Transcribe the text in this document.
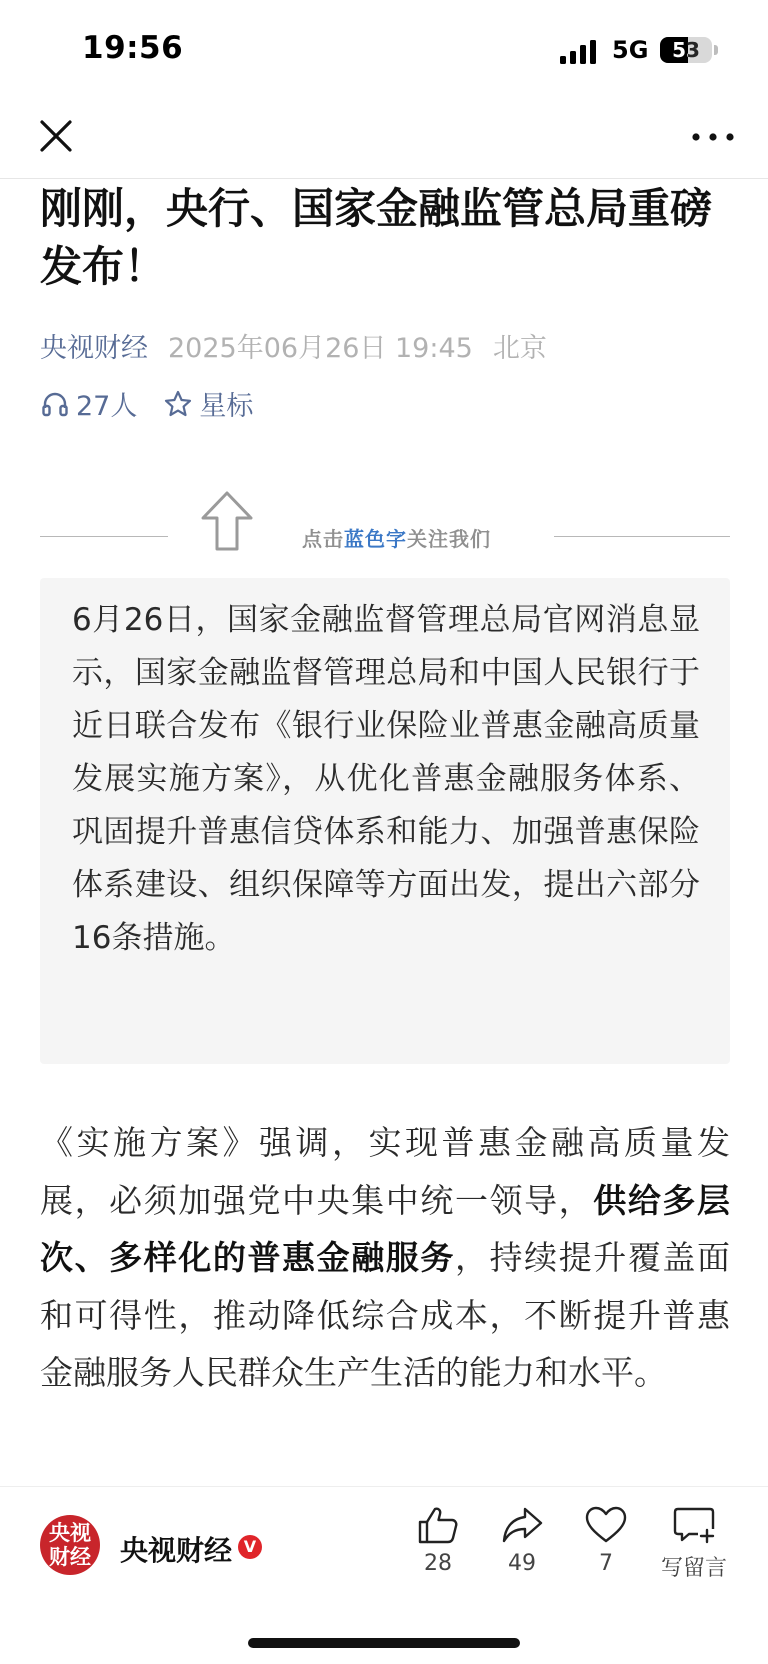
19:56	5G	53
刚刚，央行、国家金融监管总局重磅发布！
央视财经 2025年06月26日 19:45 北京
27人 星标
点击蓝色字关注我们

6月26日，国家金融监督管理总局官网消息显示，国家金融监督管理总局和中国人民银行于近日联合发布《银行业保险业普惠金融高质量发展实施方案》，从优化普惠金融服务体系、巩固提升普惠信贷体系和能力、加强普惠保险体系建设、组织保障等方面出发，提出六部分16条措施。

《实施方案》强调，实现普惠金融高质量发展，必须加强党中央集中统一领导，供给多层次、多样化的普惠金融服务，持续提升覆盖面和可得性，推动降低综合成本，不断提升普惠金融服务人民群众生产生活的能力和水平。

央视财经	央视财经 V
28	49	7	写留言
